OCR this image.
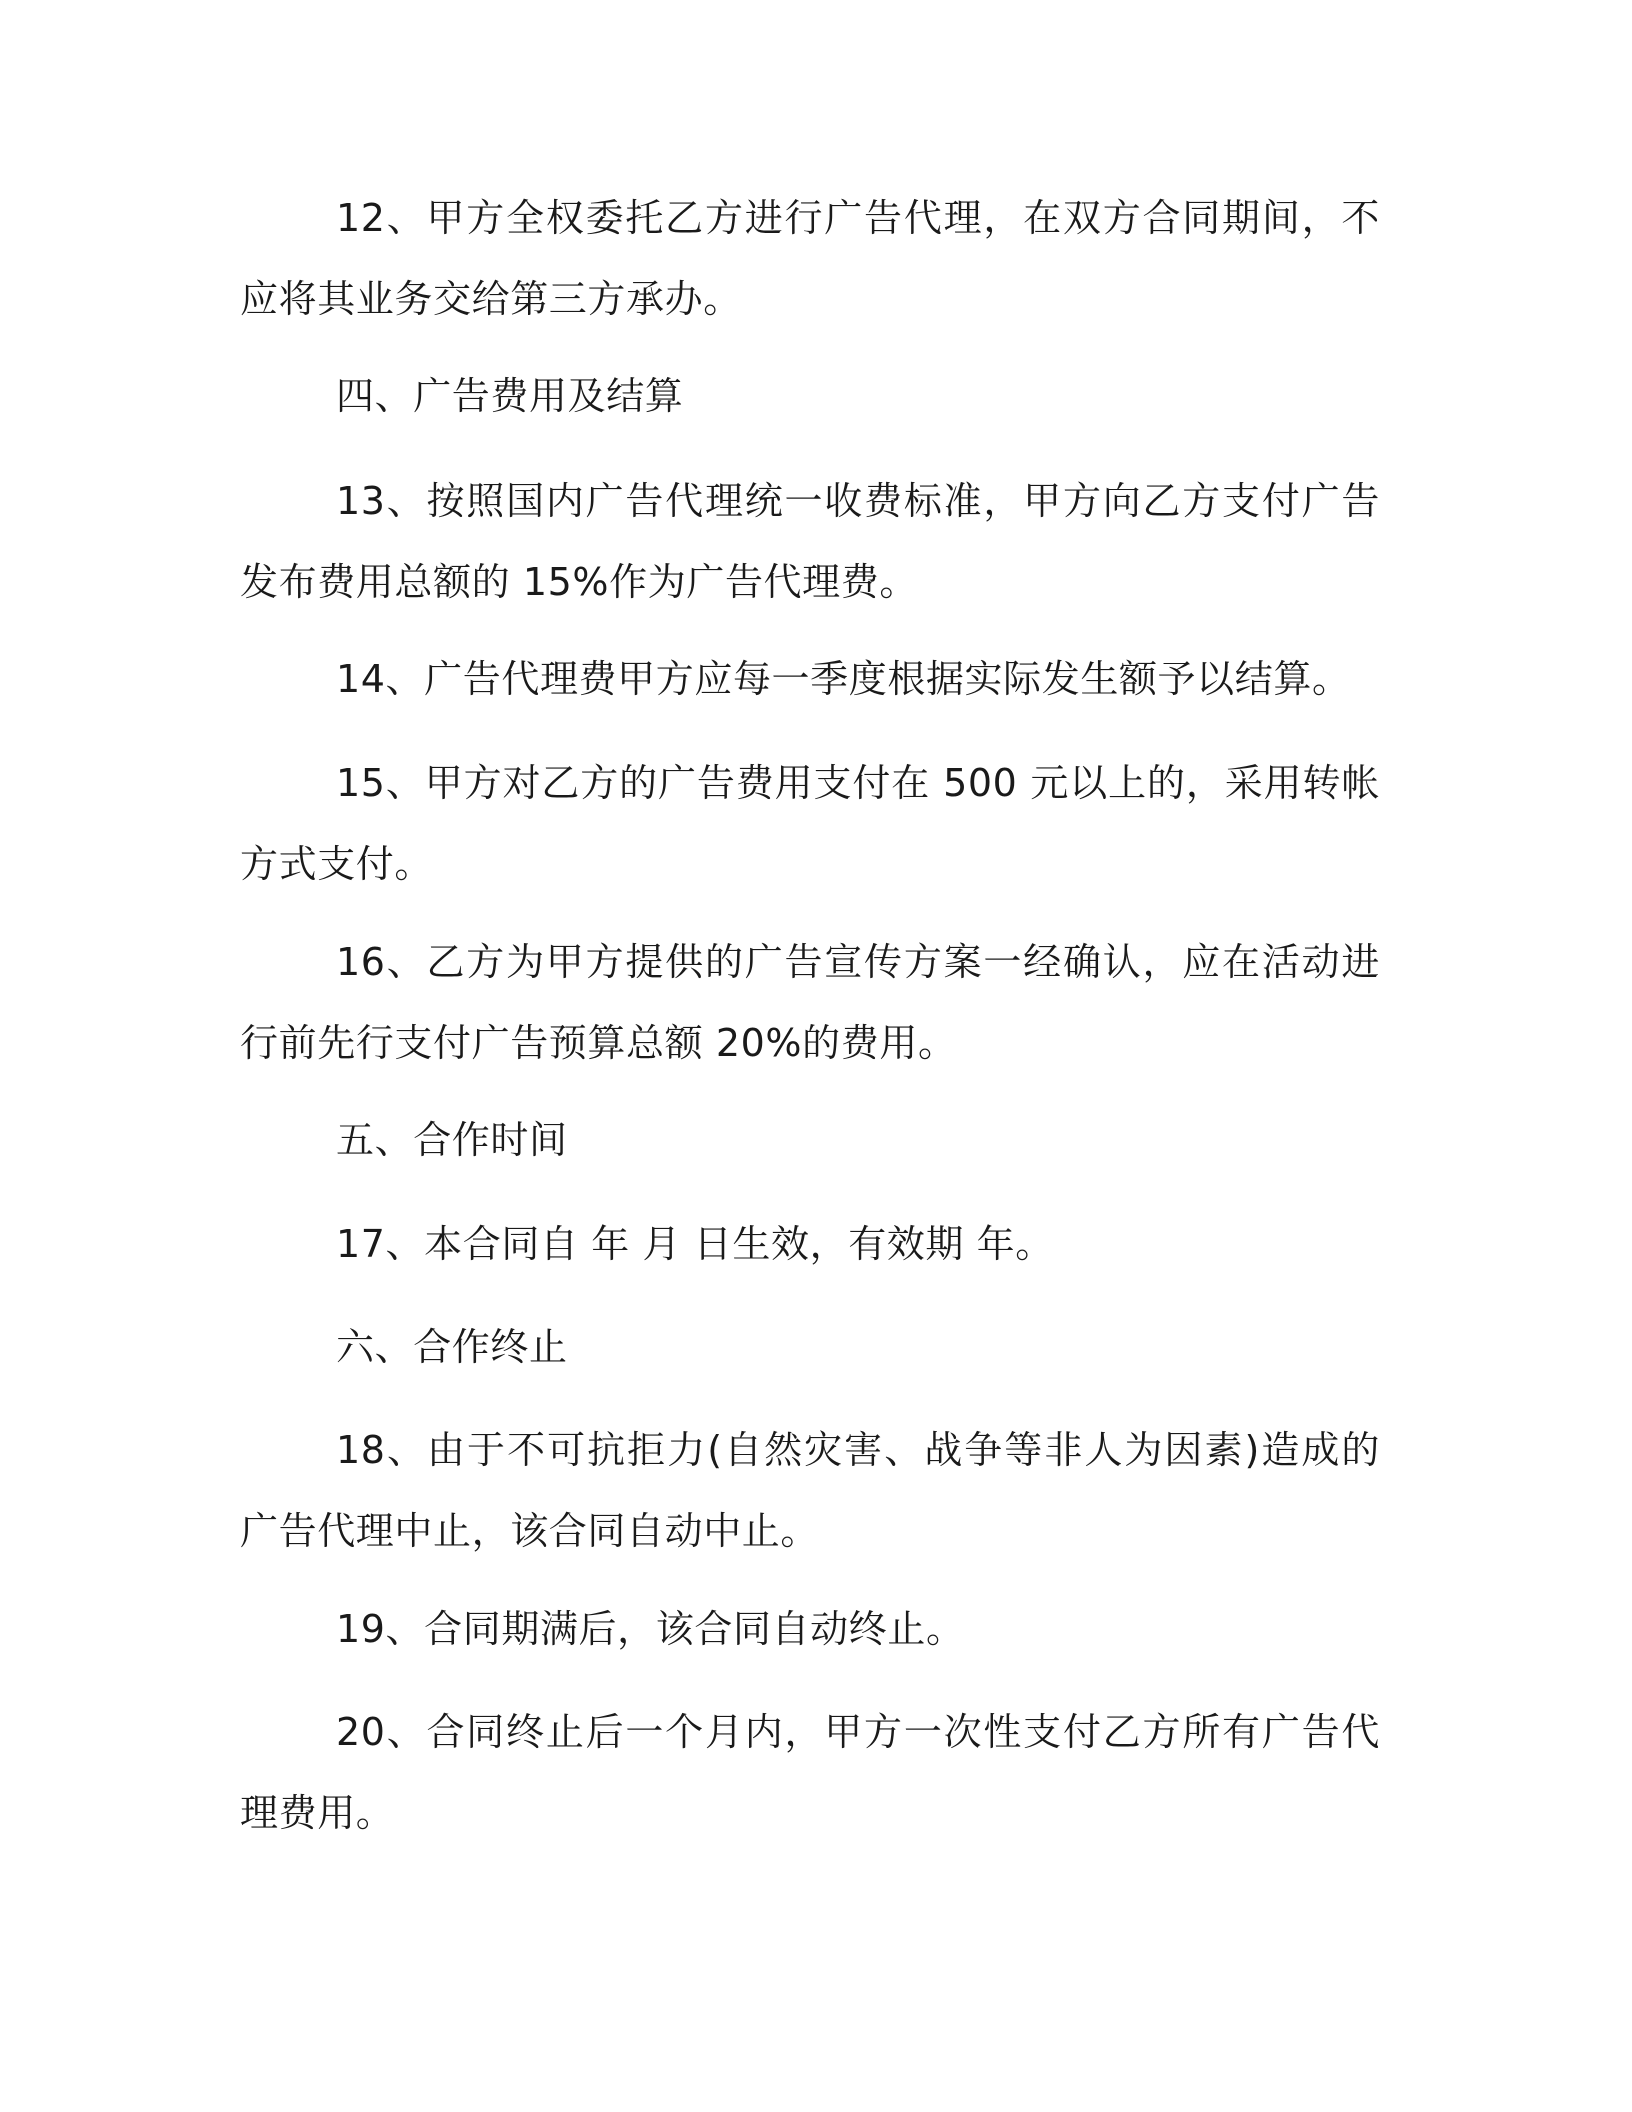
12、甲方全权委托乙方进行广告代理，在双方合同期间，不应将其业务交给第三方承办。

四、广告费用及结算

13、按照国内广告代理统一收费标准，甲方向乙方支付广告发布费用总额的 15%作为广告代理费。

14、广告代理费甲方应每一季度根据实际发生额予以结算。

15、甲方对乙方的广告费用支付在 500 元以上的，采用转帐方式支付。

16、乙方为甲方提供的广告宣传方案一经确认，应在活动进行前先行支付广告预算总额 20%的费用。

五、合作时间

17、本合同自 年 月 日生效，有效期 年。

六、合作终止

18、由于不可抗拒力(自然灾害、战争等非人为因素)造成的广告代理中止，该合同自动中止。

19、合同期满后，该合同自动终止。

20、合同终止后一个月内，甲方一次性支付乙方所有广告代理费用。
